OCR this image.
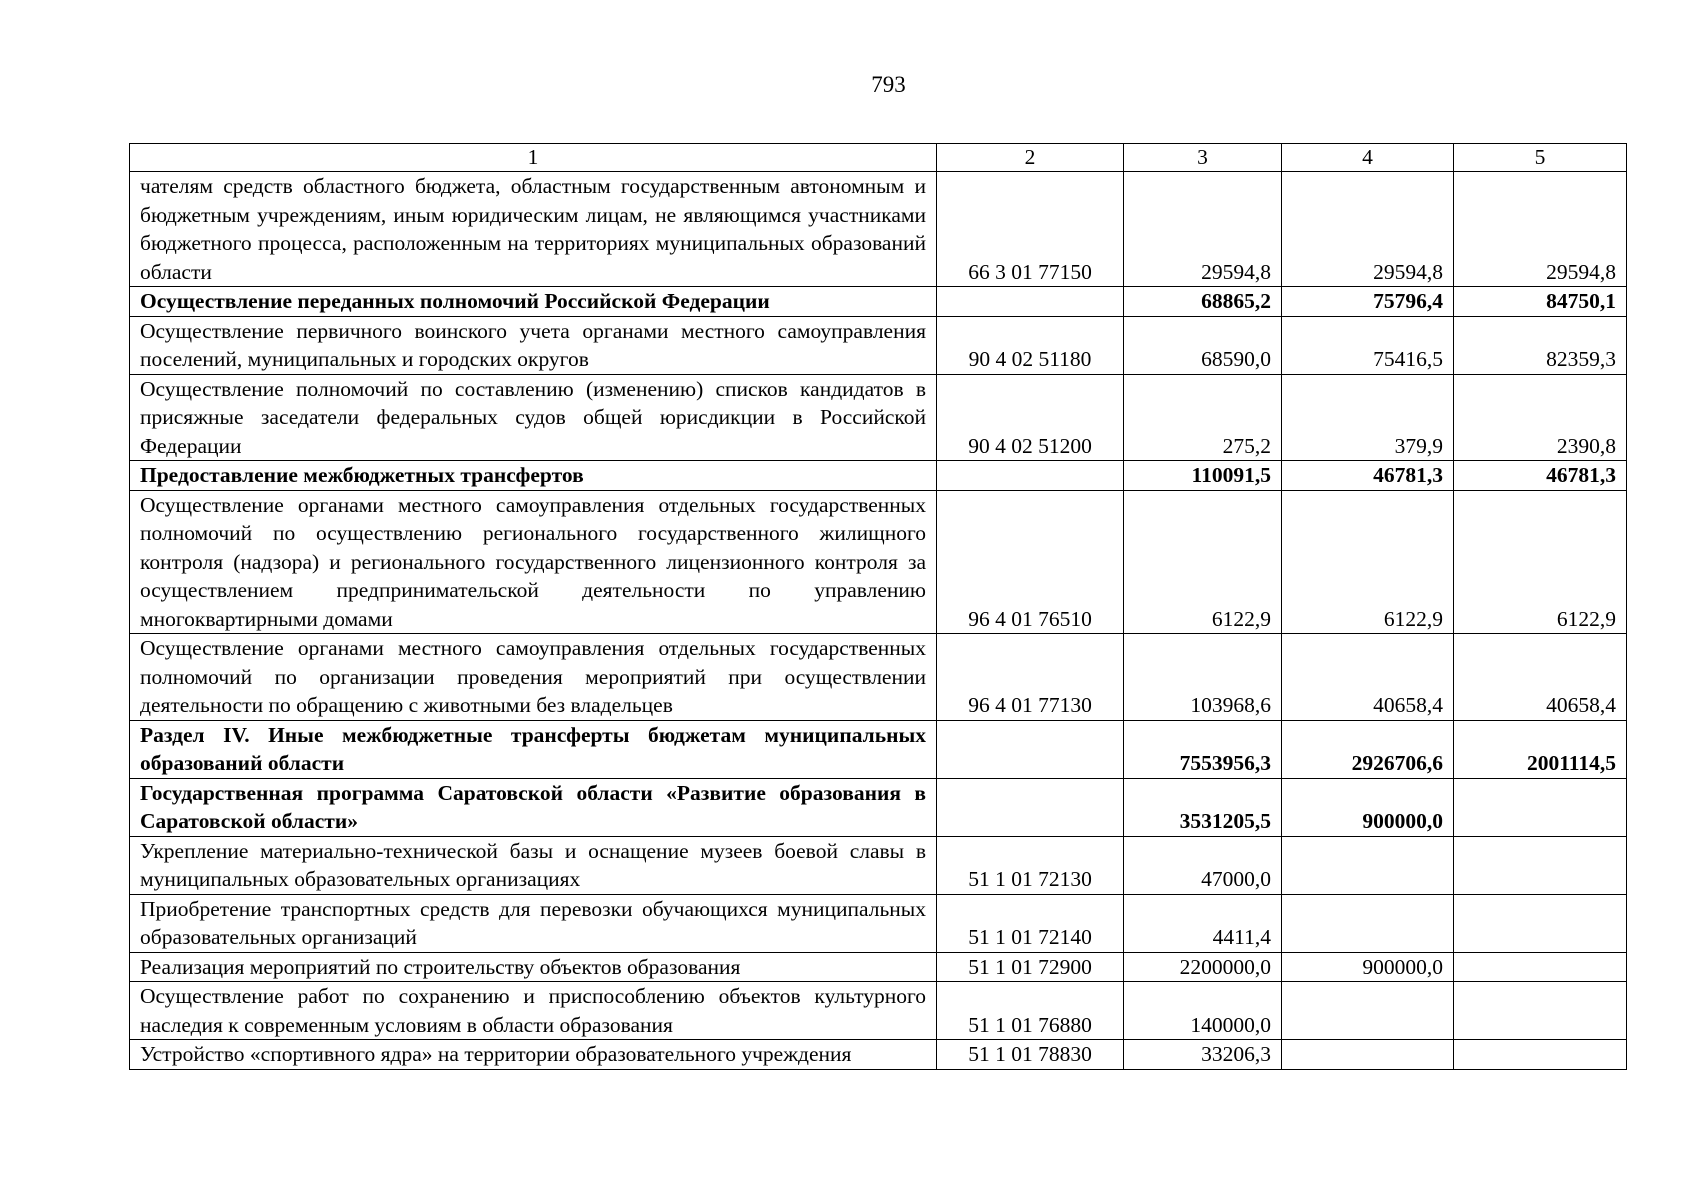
793
1	2	3	4	5
чателям средств областного бюджета, областным государственным автономным и бюджетным учреждениям, иным юридическим лицам, не являющимся участниками бюджетного процесса, расположенным на территориях муниципальных образований области	66 3 01 77150	29594,8	29594,8	29594,8
Осуществление переданных полномочий Российской Федерации		68865,2	75796,4	84750,1
Осуществление первичного воинского учета органами местного самоуправления поселений, муниципальных и городских округов	90 4 02 51180	68590,0	75416,5	82359,3
Осуществление полномочий по составлению (изменению) списков кандидатов в присяжные заседатели федеральных судов общей юрисдикции в Российской Федерации	90 4 02 51200	275,2	379,9	2390,8
Предоставление межбюджетных трансфертов		110091,5	46781,3	46781,3
Осуществление органами местного самоуправления отдельных государственных полномочий по осуществлению регионального государственного жилищного контроля (надзора) и регионального государственного лицензионного контроля за осуществлением предпринимательской деятельности по управлению многоквартирными домами	96 4 01 76510	6122,9	6122,9	6122,9
Осуществление органами местного самоуправления отдельных государственных полномочий по организации проведения мероприятий при осуществлении деятельности по обращению с животными без владельцев	96 4 01 77130	103968,6	40658,4	40658,4
Раздел IV. Иные межбюджетные трансферты бюджетам муниципальных образований области		7553956,3	2926706,6	2001114,5
Государственная программа Саратовской области «Развитие образования в Саратовской области»		3531205,5	900000,0	
Укрепление материально-технической базы и оснащение музеев боевой славы в муниципальных образовательных организациях	51 1 01 72130	47000,0		
Приобретение транспортных средств для перевозки обучающихся муниципальных образовательных организаций	51 1 01 72140	4411,4		
Реализация мероприятий по строительству объектов образования	51 1 01 72900	2200000,0	900000,0	
Осуществление работ по сохранению и приспособлению объектов культурного наследия к современным условиям в области образования	51 1 01 76880	140000,0		
Устройство «спортивного ядра» на территории образовательного учреждения	51 1 01 78830	33206,3		
